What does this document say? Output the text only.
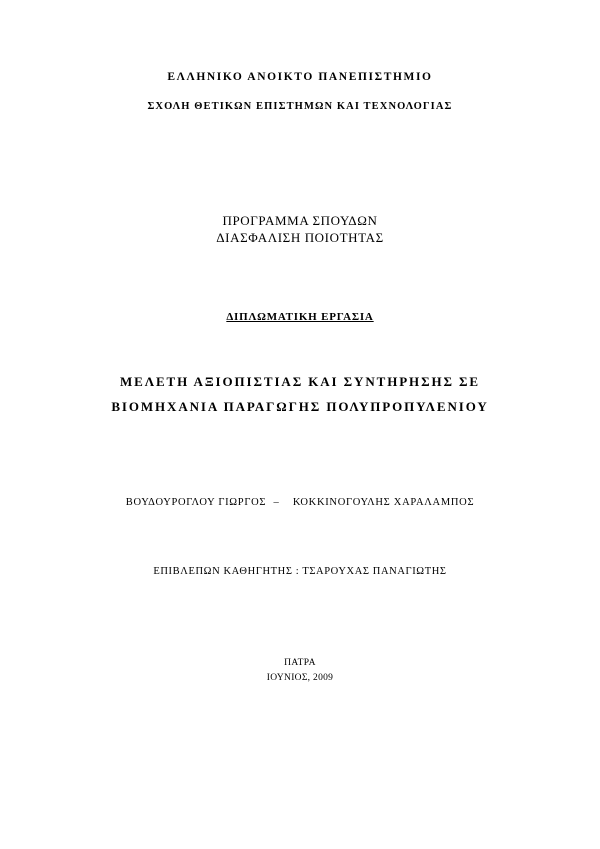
ΕΛΛΗΝΙΚΟ ΑΝΟΙΚΤΟ ΠΑΝΕΠΙΣΤΗΜΙΟ
ΣΧΟΛΗ ΘΕΤΙΚΩΝ ΕΠΙΣΤΗΜΩΝ ΚΑΙ ΤΕΧΝΟΛΟΓΙΑΣ
ΠΡΟΓΡΑΜΜΑ ΣΠΟΥΔΩΝ
ΔΙΑΣΦΑΛΙΣΗ ΠΟΙΟΤΗΤΑΣ
ΔΙΠΛΩΜΑΤΙΚΗ ΕΡΓΑΣΙΑ
ΜΕΛΕΤΗ ΑΞΙΟΠΙΣΤΙΑΣ ΚΑΙ ΣΥΝΤΗΡΗΣΗΣ ΣΕ
ΒΙΟΜΗΧΑΝΙΑ ΠΑΡΑΓΩΓΗΣ ΠΟΛΥΠΡΟΠΥΛΕΝΙΟΥ
ΒΟΥΔΟΥΡΟΓΛΟΥ ΓΙΩΡΓΟΣ – ΚΟΚΚΙΝΟΓΟΥΛΗΣ ΧΑΡΑΛΑΜΠΟΣ
ΕΠΙΒΛΕΠΩΝ ΚΑΘΗΓΗΤΗΣ : ΤΣΑΡΟΥΧΑΣ ΠΑΝΑΓΙΩΤΗΣ
ΠΑΤΡΑ
ΙΟΥΝΙΟΣ, 2009
